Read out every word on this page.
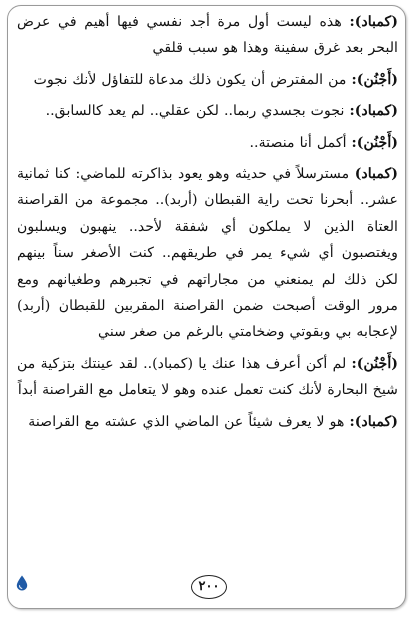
(كمباد): هذه ليست أول مرة أجد نفسي فيها أهيم في عرض البحر بعد غرق سفينة وهذا هو سبب قلقي

(أَجْنُن): من المفترض أن يكون ذلك مدعاة للتفاؤل لأنك نجوت

(كمباد): نجوت بجسدي ربما.. لكن عقلي.. لم يعد كالسابق..

(أَجْنُن): أكمل أنا منصتة..

(كمباد) مسترسلاً في حديثه وهو يعود بذاكرته للماضي: كنا ثمانية عشر.. أبحرنا تحت راية القبطان (أربد).. مجموعة من القراصنة العتاة الذين لا يملكون أي شفقة لأحد.. ينهبون ويسلبون ويغتصبون أي شيء يمر في طريقهم.. كنت الأصغر سناً بينهم لكن ذلك لم يمنعني من مجاراتهم في تجبرهم وطغيانهم ومع مرور الوقت أصبحت ضمن القراصنة المقربين للقبطان (أربد) لإعجابه بي وبقوتي وضخامتي بالرغم من صغر سني

(أَجْنُن): لم أكن أعرف هذا عنك يا (كمباد).. لقد عينتك بتزكية من شيخ البحارة لأنك كنت تعمل عنده وهو لا يتعامل مع القراصنة أبداً

(كمباد): هو لا يعرف شيئاً عن الماضي الذي عشته مع القراصنة

٢٠٠
